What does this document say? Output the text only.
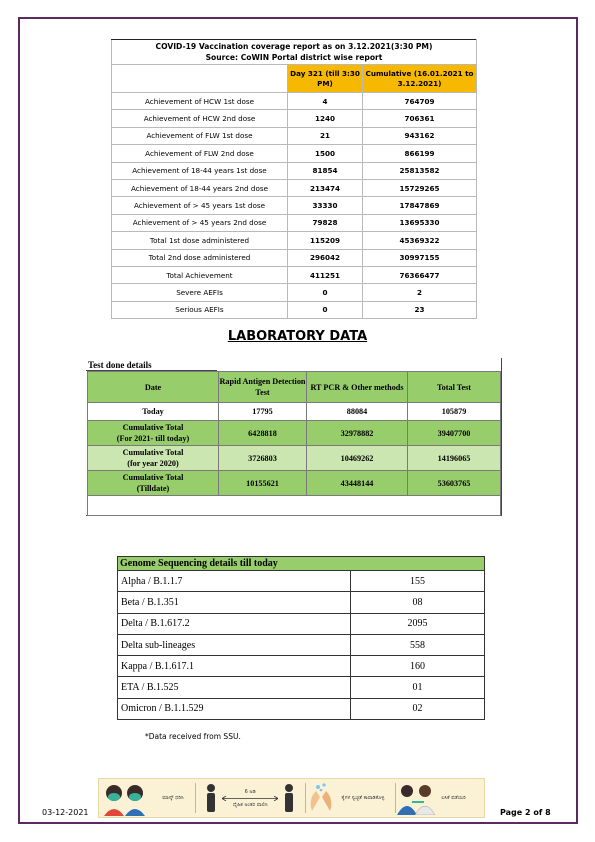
COVID-19 Vaccination coverage report as on 3.12.2021(3:30 PM)
Source: CoWIN Portal district wise report		

	Day 321 (till 3:30 PM)	Cumulative (16.01.2021 to 3.12.2021)
Achievement of HCW 1st dose	4	764709
Achievement of HCW 2nd dose	1240	706361
Achievement of FLW 1st dose	21	943162
Achievement of FLW 2nd dose	1500	866199
Achievement of 18-44 years 1st dose	81854	25813582
Achievement of 18-44 years 2nd dose	213474	15729265
Achievement of > 45 years 1st dose	33330	17847869
Achievement of > 45 years 2nd dose	79828	13695330
Total 1st dose administered	115209	45369322
Total 2nd dose administered	296042	30997155
Total Achievement	411251	76366477
Severe AEFIs	0	2
Serious AEFIs	0	23
LABORATORY DATA
Test done details
Date	Rapid Antigen Detection Test	RT PCR & Other methods	Total Test

Today	17795	88084	105879

Cumulative Total
(For 2021- till today)	6428818	32978882	39407700

Cumulative Total
(for year 2020)	3726803	10469262	14196065

Cumulative Total
(Tilldate)	10155621	43448144	53603765

Genome Sequencing details till today	
Alpha / B.1.1.7	155
Beta / B.1.351	08
Delta / B.1.617.2	2095
Delta sub-lineages	558
Kappa / B.1.617.1	160
ETA / B.1.525	01
Omicron / B.1.1.529	02
*Data received from SSU.
03-12-2021	Page 2 of 8
ಮಾಸ್ಕ್ ಧರಿಸಿ
6 ಅಡಿ
ದೈಹಿಕ ಅಂತರ ಪಾಲಿಸಿ
ಕೈಗಳ ಸ್ವಚ್ಛತೆ ಕಾಪಾಡಿಕೊಳ್ಳಿ	ಲಸಿಕೆ ಪಡೆಯಿರಿ
